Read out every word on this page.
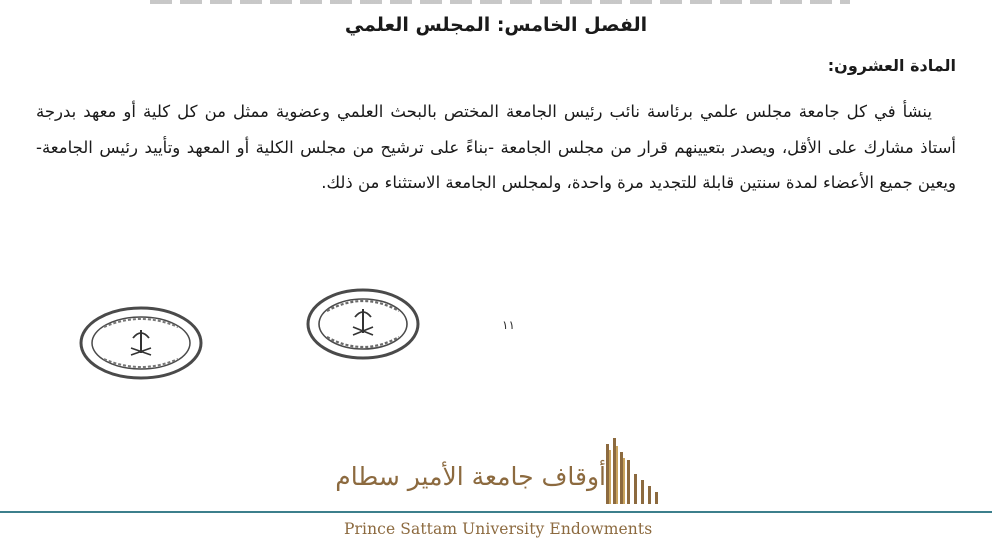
الفصل الخامس: المجلس العلمي
المادة العشرون:

ينشأ في كل جامعة مجلس علمي برئاسة نائب رئيس الجامعة المختص بالبحث العلمي وعضوية ممثل من كل كلية أو معهد بدرجة أستاذ مشارك على الأقل، ويصدر بتعيينهم قرار من مجلس الجامعة -بناءً على ترشيح من مجلس الكلية أو المعهد وتأييد رئيس الجامعة- ويعين جميع الأعضاء لمدة سنتين قابلة للتجديد مرة واحدة، ولمجلس الجامعة الاستثناء من ذلك.

١١
أوقاف جامعة الأمير سطام
Prince Sattam University Endowments
